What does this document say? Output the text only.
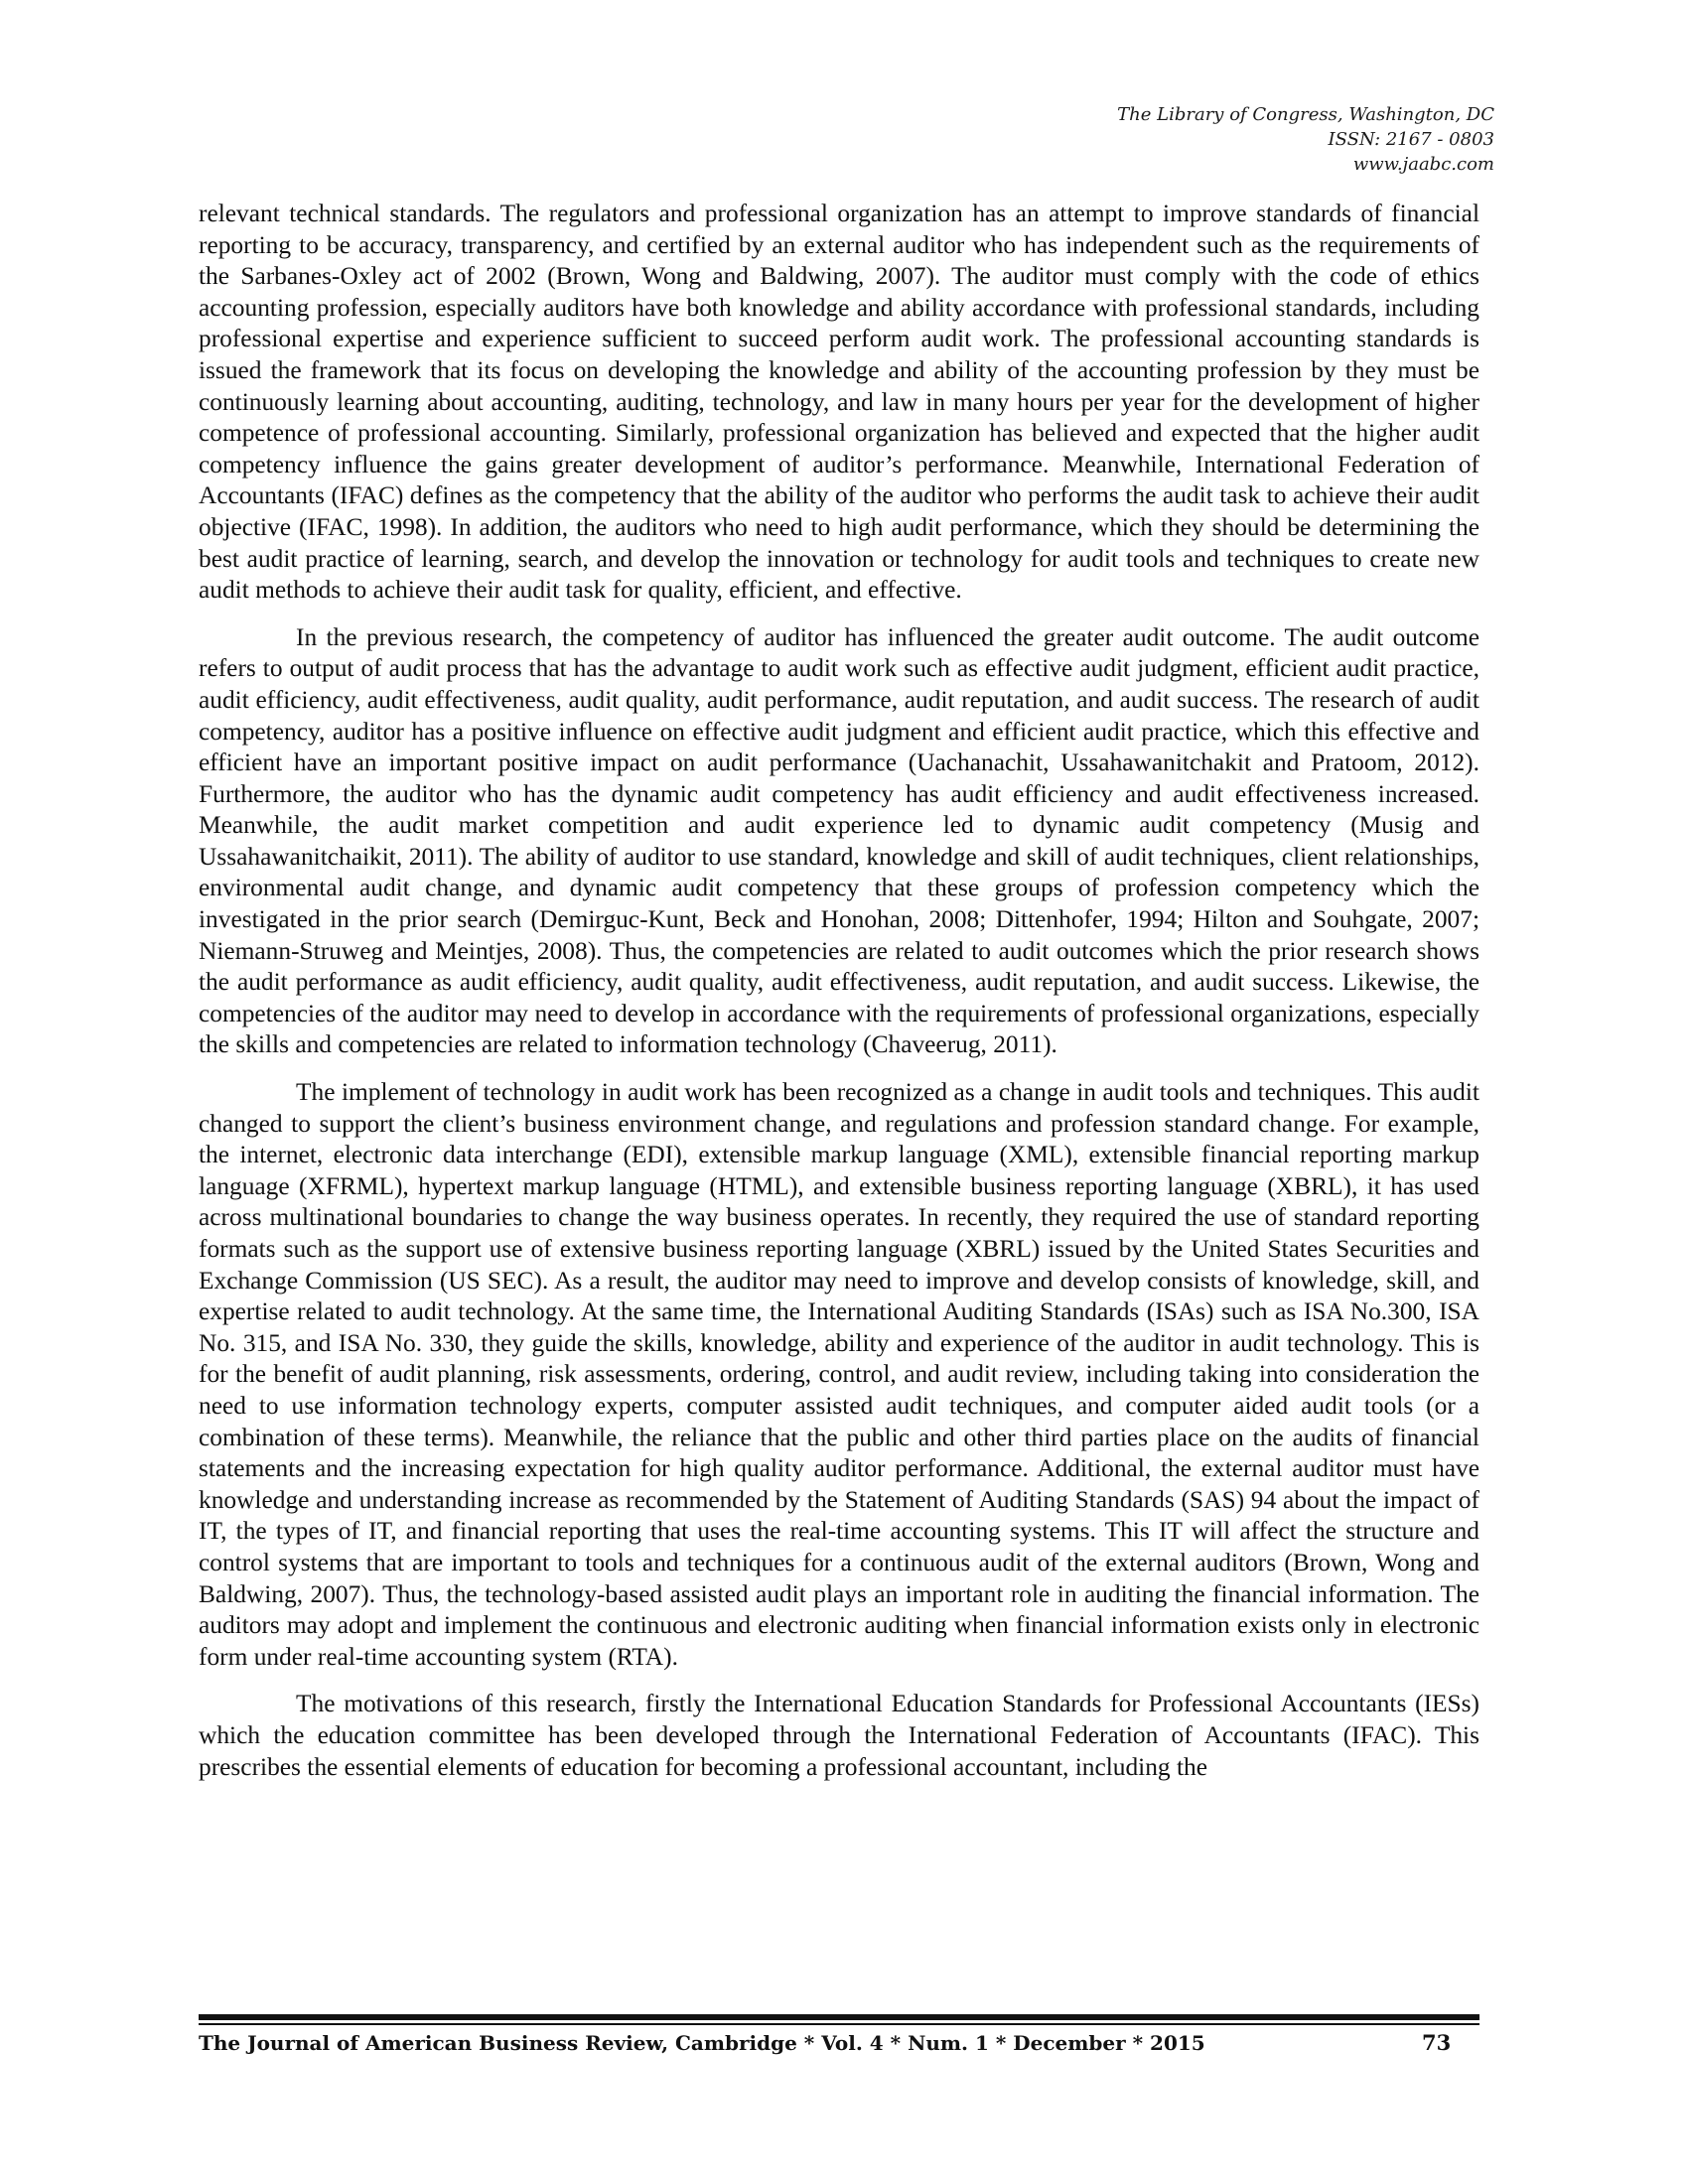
The Library of Congress, Washington, DC
ISSN: 2167 - 0803
www.jaabc.com

relevant technical standards. The regulators and professional organization has an attempt to improve standards of financial reporting to be accuracy, transparency, and certified by an external auditor who has independent such as the requirements of the Sarbanes-Oxley act of 2002 (Brown, Wong and Baldwing, 2007). The auditor must comply with the code of ethics accounting profession, especially auditors have both knowledge and ability accordance with professional standards, including professional expertise and experience sufficient to succeed perform audit work. The professional accounting standards is issued the framework that its focus on developing the knowledge and ability of the accounting profession by they must be continuously learning about accounting, auditing, technology, and law in many hours per year for the development of higher competence of professional accounting. Similarly, professional organization has believed and expected that the higher audit competency influence the gains greater development of auditor’s performance. Meanwhile, International Federation of Accountants (IFAC) defines as the competency that the ability of the auditor who performs the audit task to achieve their audit objective (IFAC, 1998). In addition, the auditors who need to high audit performance, which they should be determining the best audit practice of learning, search, and develop the innovation or technology for audit tools and techniques to create new audit methods to achieve their audit task for quality, efficient, and effective.

In the previous research, the competency of auditor has influenced the greater audit outcome. The audit outcome refers to output of audit process that has the advantage to audit work such as effective audit judgment, efficient audit practice, audit efficiency, audit effectiveness, audit quality, audit performance, audit reputation, and audit success. The research of audit competency, auditor has a positive influence on effective audit judgment and efficient audit practice, which this effective and efficient have an important positive impact on audit performance (Uachanachit, Ussahawanitchakit and Pratoom, 2012). Furthermore, the auditor who has the dynamic audit competency has audit efficiency and audit effectiveness increased. Meanwhile, the audit market competition and audit experience led to dynamic audit competency (Musig and Ussahawanitchaikit, 2011). The ability of auditor to use standard, knowledge and skill of audit techniques, client relationships, environmental audit change, and dynamic audit competency that these groups of profession competency which the investigated in the prior search (Demirguc-Kunt, Beck and Honohan, 2008; Dittenhofer, 1994; Hilton and Souhgate, 2007; Niemann-Struweg and Meintjes, 2008). Thus, the competencies are related to audit outcomes which the prior research shows the audit performance as audit efficiency, audit quality, audit effectiveness, audit reputation, and audit success. Likewise, the competencies of the auditor may need to develop in accordance with the requirements of professional organizations, especially the skills and competencies are related to information technology (Chaveerug, 2011).

The implement of technology in audit work has been recognized as a change in audit tools and techniques. This audit changed to support the client’s business environment change, and regulations and profession standard change. For example, the internet, electronic data interchange (EDI), extensible markup language (XML), extensible financial reporting markup language (XFRML), hypertext markup language (HTML), and extensible business reporting language (XBRL), it has used across multinational boundaries to change the way business operates. In recently, they required the use of standard reporting formats such as the support use of extensive business reporting language (XBRL) issued by the United States Securities and Exchange Commission (US SEC). As a result, the auditor may need to improve and develop consists of knowledge, skill, and expertise related to audit technology. At the same time, the International Auditing Standards (ISAs) such as ISA No.300, ISA No. 315, and ISA No. 330, they guide the skills, knowledge, ability and experience of the auditor in audit technology. This is for the benefit of audit planning, risk assessments, ordering, control, and audit review, including taking into consideration the need to use information technology experts, computer assisted audit techniques, and computer aided audit tools (or a combination of these terms). Meanwhile, the reliance that the public and other third parties place on the audits of financial statements and the increasing expectation for high quality auditor performance. Additional, the external auditor must have knowledge and understanding increase as recommended by the Statement of Auditing Standards (SAS) 94 about the impact of IT, the types of IT, and financial reporting that uses the real-time accounting systems. This IT will affect the structure and control systems that are important to tools and techniques for a continuous audit of the external auditors (Brown, Wong and Baldwing, 2007). Thus, the technology-based assisted audit plays an important role in auditing the financial information. The auditors may adopt and implement the continuous and electronic auditing when financial information exists only in electronic form under real-time accounting system (RTA).

The motivations of this research, firstly the International Education Standards for Professional Accountants (IESs) which the education committee has been developed through the International Federation of Accountants (IFAC). This prescribes the essential elements of education for becoming a professional accountant, including the

The Journal of American Business Review, Cambridge * Vol. 4 * Num. 1 * December * 2015	73
